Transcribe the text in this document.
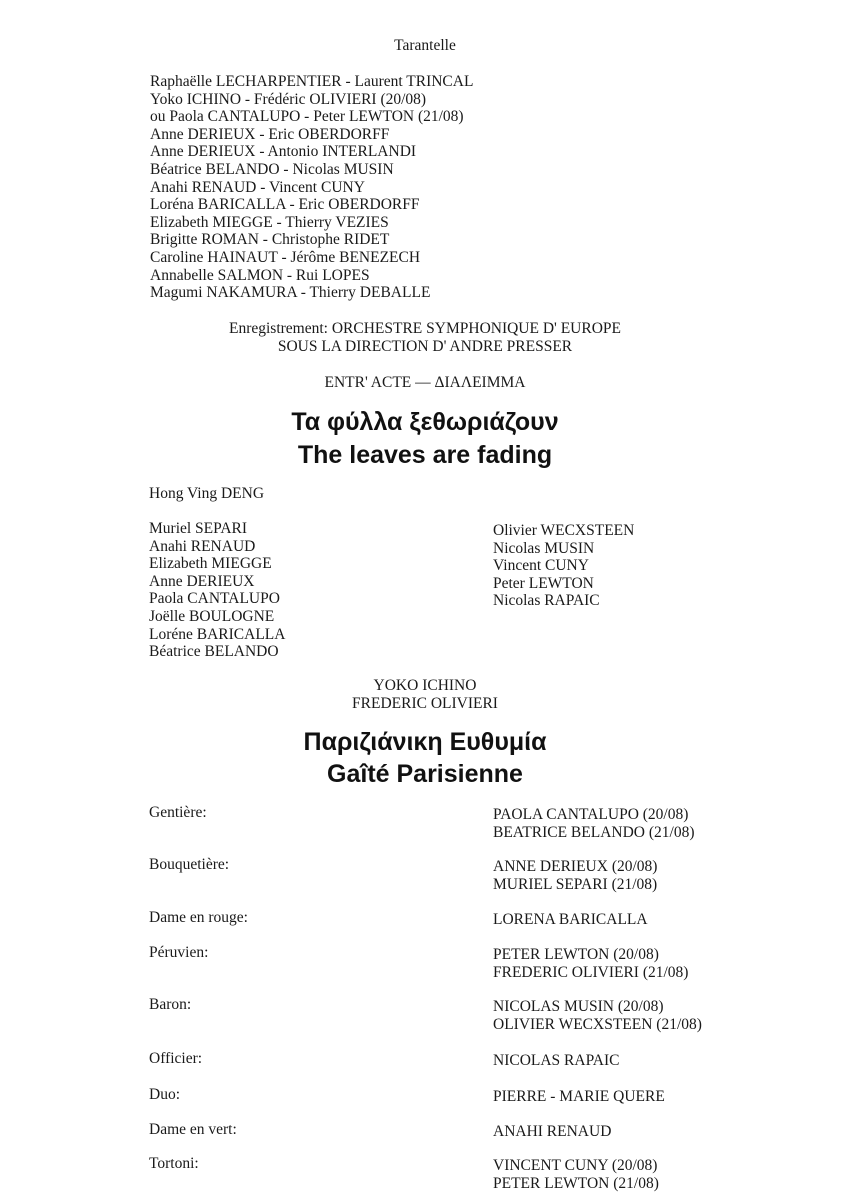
Tarantelle
Raphaëlle LECHARPENTIER - Laurent TRINCAL
Yoko ICHINO - Frédéric OLIVIERI (20/08)
ou Paola CANTALUPO - Peter LEWTON (21/08)
Anne DERIEUX - Eric OBERDORFF
Anne DERIEUX - Antonio INTERLANDI
Béatrice BELANDO - Nicolas MUSIN
Anahi RENAUD - Vincent CUNY
Loréna BARICALLA - Eric OBERDORFF
Elizabeth MIEGGE - Thierry VEZIES
Brigitte ROMAN - Christophe RIDET
Caroline HAINAUT - Jérôme BENEZECH
Annabelle SALMON - Rui LOPES
Magumi NAKAMURA - Thierry DEBALLE
Enregistrement: ORCHESTRE SYMPHONIQUE D' EUROPE
SOUS LA DIRECTION D' ANDRE PRESSER
ENTR' ACTE — ΔΙΑΛΕΙΜΜΑ
Τα φύλλα ξεθωριάζουν
The leaves are fading
Hong Ving DENG
Muriel SEPARI
Anahi RENAUD
Elizabeth MIEGGE
Anne DERIEUX
Paola CANTALUPO
Joëlle BOULOGNE
Loréne BARICALLA
Béatrice BELANDO
Olivier WECXSTEEN
Nicolas MUSIN
Vincent CUNY
Peter LEWTON
Nicolas RAPAIC
YOKO ICHINO
FREDERIC OLIVIERI
Παριζιάνικη Ευθυμία
Gaîté Parisienne
Gentière:	PAOLA CANTALUPO (20/08)
BEATRICE BELANDO (21/08)
Bouquetière:	ANNE DERIEUX (20/08)
MURIEL SEPARI (21/08)
Dame en rouge:	LORENA BARICALLA
Péruvien:	PETER LEWTON (20/08)
FREDERIC OLIVIERI (21/08)
Baron:	NICOLAS MUSIN (20/08)
OLIVIER WECXSTEEN (21/08)
Officier:	NICOLAS RAPAIC
Duo:	PIERRE - MARIE QUERE
Dame en vert:	ANAHI RENAUD
Tortoni:	VINCENT CUNY (20/08)
PETER LEWTON (21/08)
